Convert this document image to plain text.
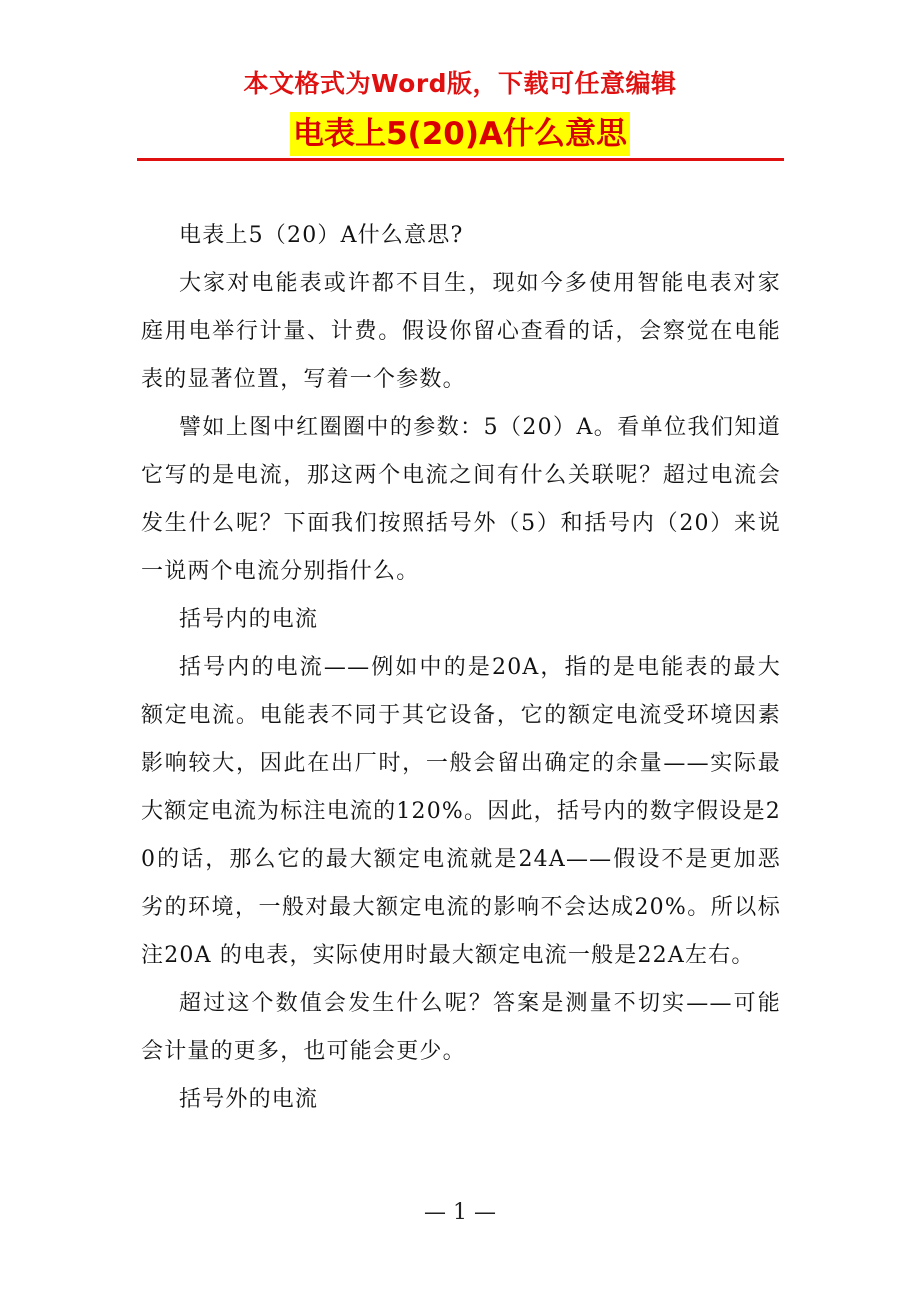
本文格式为Word版，下载可任意编辑
电表上5(20)A什么意思

电表上5（20）A什么意思?

大家对电能表或许都不目生，现如今多使用智能电表对家庭用电举行计量、计费。假设你留心查看的话，会察觉在电能表的显著位置，写着一个参数。

譬如上图中红圈圈中的参数：5（20）A。看单位我们知道它写的是电流，那这两个电流之间有什么关联呢？超过电流会发生什么呢？下面我们按照括号外（5）和括号内（20）来说一说两个电流分别指什么。

括号内的电流

括号内的电流——例如中的是20A，指的是电能表的最大额定电流。电能表不同于其它设备，它的额定电流受环境因素影响较大，因此在出厂时，一般会留出确定的余量——实际最大额定电流为标注电流的120%。因此，括号内的数字假设是20的话，那么它的最大额定电流就是24A——假设不是更加恶劣的环境，一般对最大额定电流的影响不会达成20%。所以标注20A 的电表，实际使用时最大额定电流一般是22A左右。

超过这个数值会发生什么呢？答案是测量不切实——可能会计量的更多，也可能会更少。

括号外的电流

— 1 —
